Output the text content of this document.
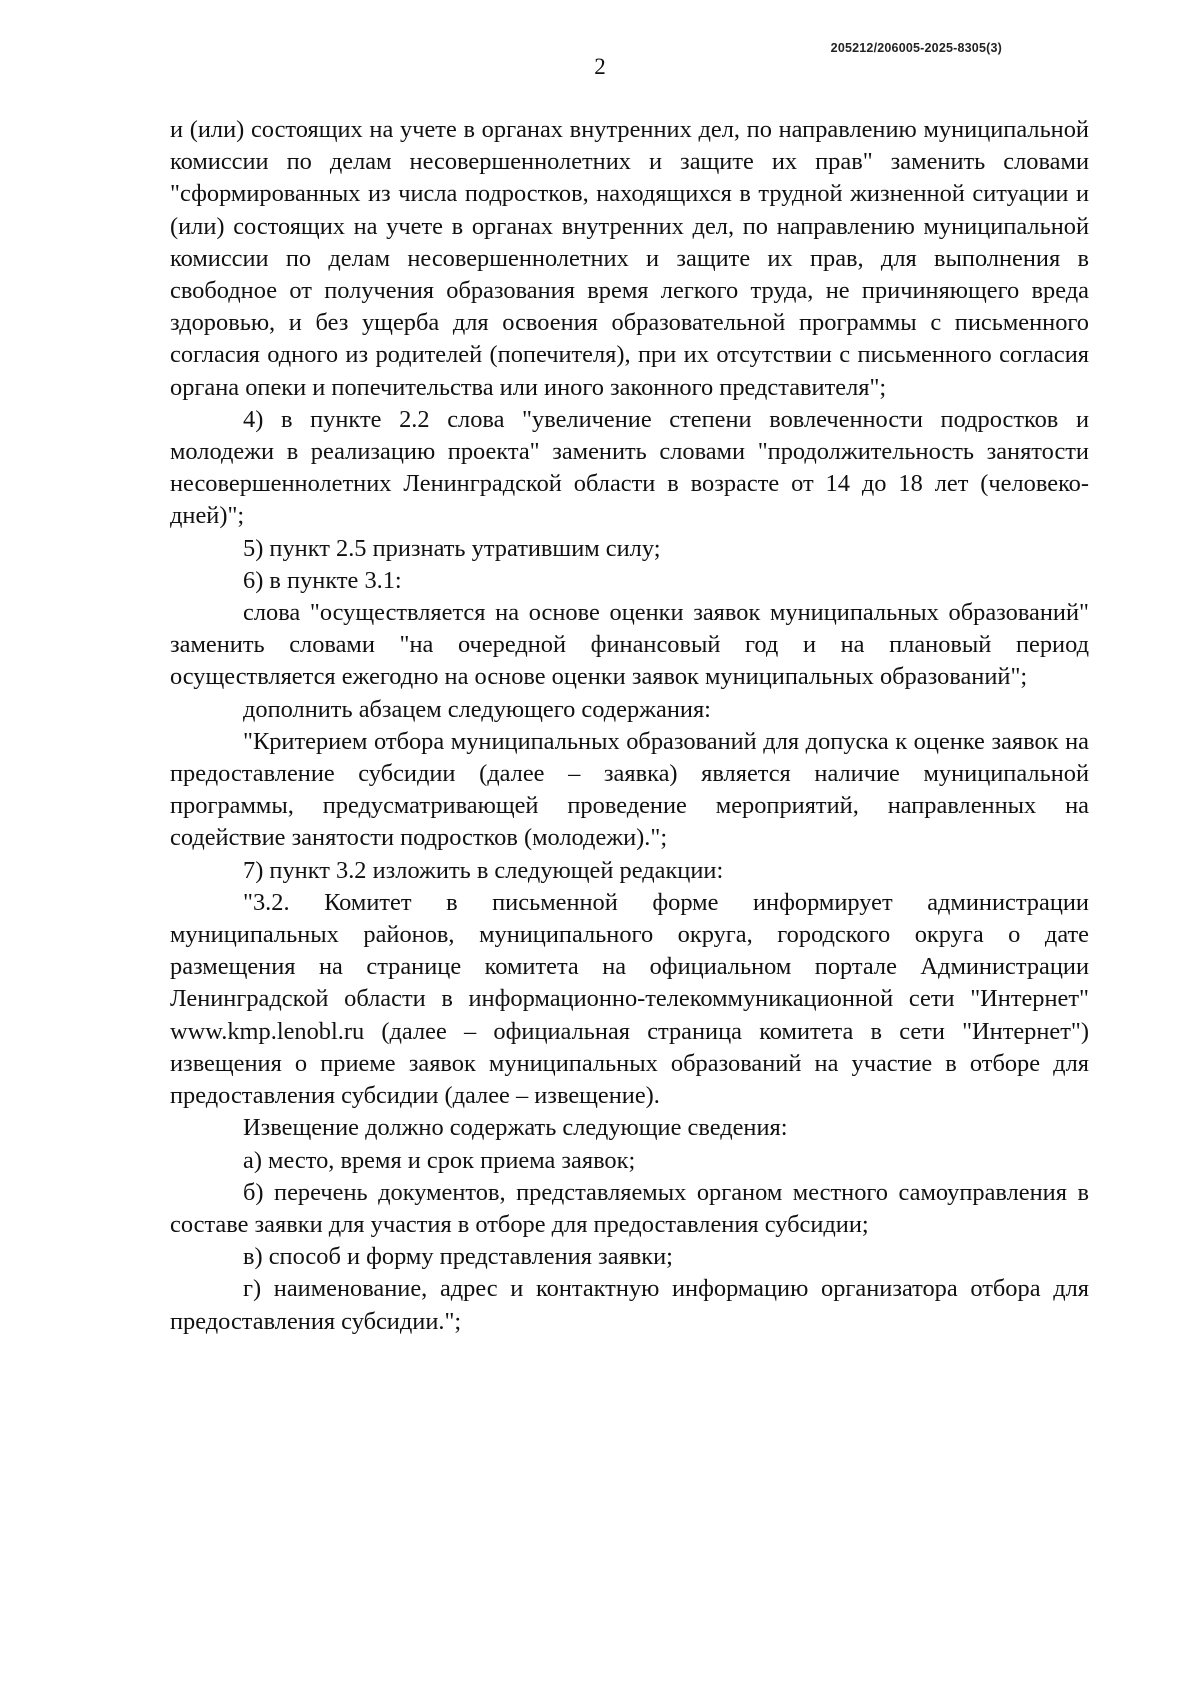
205212/206005-2025-8305(3)
2

и (или) состоящих на учете в органах внутренних дел, по направлению муниципальной комиссии по делам несовершеннолетних и защите их прав" заменить словами "сформированных из числа подростков, находящихся в трудной жизненной ситуации и (или) состоящих на учете в органах внутренних дел, по направлению муниципальной комиссии по делам несовершеннолетних и защите их прав, для выполнения в свободное от получения образования время легкого труда, не причиняющего вреда здоровью, и без ущерба для освоения образовательной программы с письменного согласия одного из родителей (попечителя), при их отсутствии с письменного согласия органа опеки и попечительства или иного законного представителя";

4) в пункте 2.2 слова "увеличение степени вовлеченности подростков и молодежи в реализацию проекта" заменить словами "продолжительность занятости несовершеннолетних Ленинградской области в возрасте от 14 до 18 лет (человеко-дней)";

5) пункт 2.5 признать утратившим силу;

6) в пункте 3.1:

слова "осуществляется на основе оценки заявок муниципальных образований" заменить словами "на очередной финансовый год и на плановый период осуществляется ежегодно на основе оценки заявок муниципальных образований";

дополнить абзацем следующего содержания:

"Критерием отбора муниципальных образований для допуска к оценке заявок на предоставление субсидии (далее – заявка) является наличие муниципальной программы, предусматривающей проведение мероприятий, направленных на содействие занятости подростков (молодежи).";

7) пункт 3.2 изложить в следующей редакции:

"3.2. Комитет в письменной форме информирует администрации муниципальных районов, муниципального округа, городского округа о дате размещения на странице комитета на официальном портале Администрации Ленинградской области в информационно-телекоммуникационной сети "Интернет" www.kmp.lenobl.ru (далее – официальная страница комитета в сети "Интернет") извещения о приеме заявок муниципальных образований на участие в отборе для предоставления субсидии (далее – извещение).

Извещение должно содержать следующие сведения:

а) место, время и срок приема заявок;

б) перечень документов, представляемых органом местного самоуправления в составе заявки для участия в отборе для предоставления субсидии;

в) способ и форму представления заявки;

г) наименование, адрес и контактную информацию организатора отбора для предоставления субсидии.";
